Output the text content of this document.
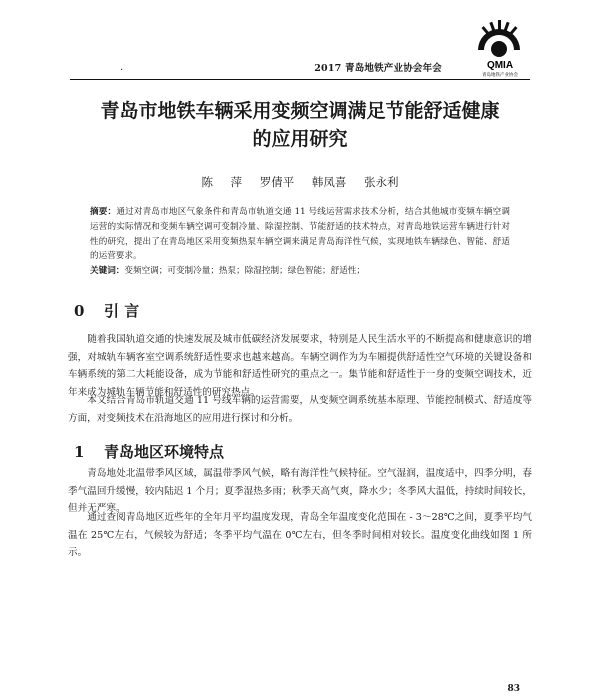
.	2017 青岛地铁产业协会年会	QMIA
青岛地铁产业协会
青岛市地铁车辆采用变频空调满足节能舒适健康
的应用研究
陈 萍 罗倩平 韩凤喜 张永利
摘要：通过对青岛市地区气象条件和青岛市轨道交通 11 号线运营需求技术分析，结合其他城市变频车辆空调运营的实际情况和变频车辆空调可变制冷量、除湿控制、节能舒适的技术特点，对青岛地铁运营车辆进行针对性的研究，提出了在青岛地区采用变频热泵车辆空调来满足青岛海洋性气候，实现地铁车辆绿色、智能、舒适的运营要求。
关键词：变频空调；可变制冷量；热泵；除湿控制；绿色智能；舒适性；
0 引 言

随着我国轨道交通的快速发展及城市低碳经济发展要求，特别是人民生活水平的不断提高和健康意识的增强，对城轨车辆客室空调系统舒适性要求也越来越高。车辆空调作为为车厢提供舒适性空气环境的关键设备和车辆系统的第二大耗能设备，成为节能和舒适性研究的重点之一。集节能和舒适性于一身的变频空调技术，近年来成为城轨车辆节能和舒适性的研究热点。

本文结合青岛市轨道交通 11 号线车辆的运营需要，从变频空调系统基本原理、节能控制模式、舒适度等方面，对变频技术在沿海地区的应用进行探讨和分析。

1 青岛地区环境特点

青岛地处北温带季风区域，属温带季风气候，略有海洋性气候特征。空气湿润，温度适中，四季分明，春季气温回升缓慢，较内陆迟 1 个月；夏季湿热多雨；秋季天高气爽，降水少；冬季风大温低，持续时间较长，但并无严寒。

通过查阅青岛地区近些年的全年月平均温度发现，青岛全年温度变化范围在 - 3～28℃之间，夏季平均气温在 25℃左右，气候较为舒适；冬季平均气温在 0℃左右，但冬季时间相对较长。温度变化曲线如图 1 所示。

83
